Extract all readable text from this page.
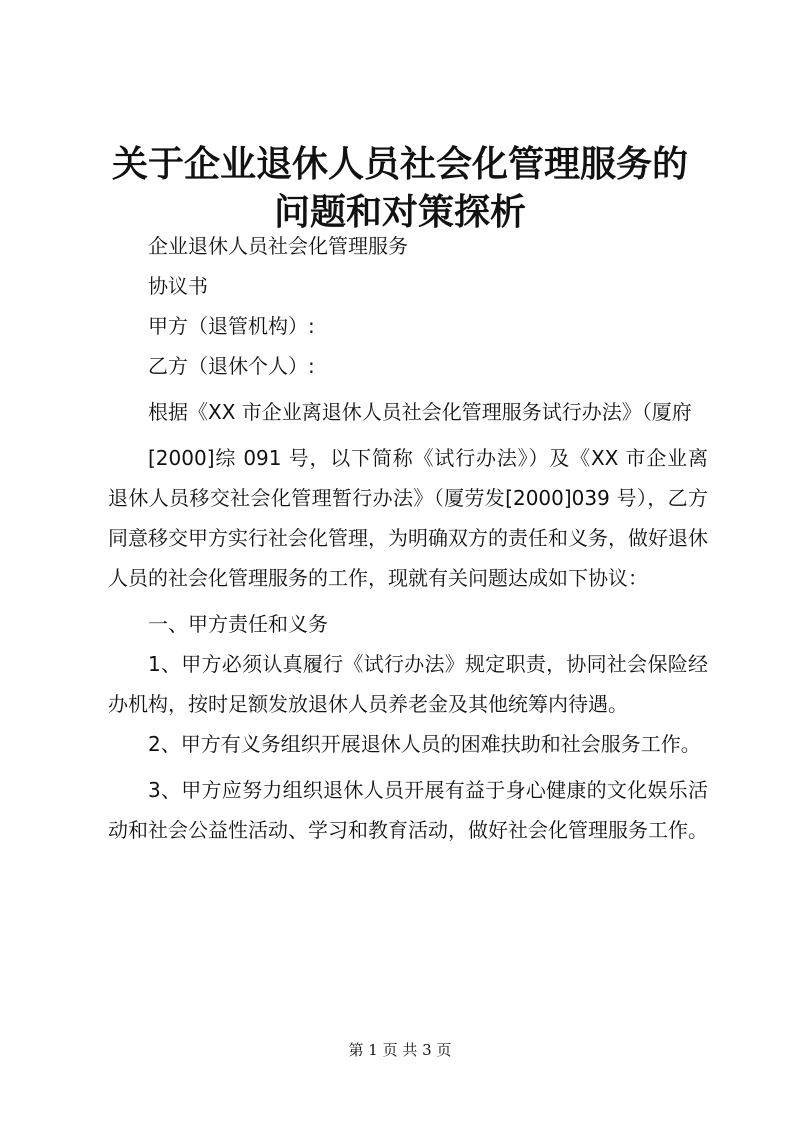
关于企业退休人员社会化管理服务的问题和对策探析

企业退休人员社会化管理服务

协议书

甲方（退管机构）:

乙方（退休个人）:

根据《XX 市企业离退休人员社会化管理服务试行办法》（厦府

[2000]综 091 号，以下简称《试行办法》）及《XX 市企业离退休人员移交社会化管理暂行办法》（厦劳发[2000]039 号），乙方同意移交甲方实行社会化管理，为明确双方的责任和义务，做好退休人员的社会化管理服务的工作，现就有关问题达成如下协议：

一、甲方责任和义务

1、甲方必须认真履行《试行办法》规定职责，协同社会保险经办机构，按时足额发放退休人员养老金及其他统筹内待遇。

2、甲方有义务组织开展退休人员的困难扶助和社会服务工作。

3、甲方应努力组织退休人员开展有益于身心健康的文化娱乐活动和社会公益性活动、学习和教育活动，做好社会化管理服务工作。

第 1 页 共 3 页
